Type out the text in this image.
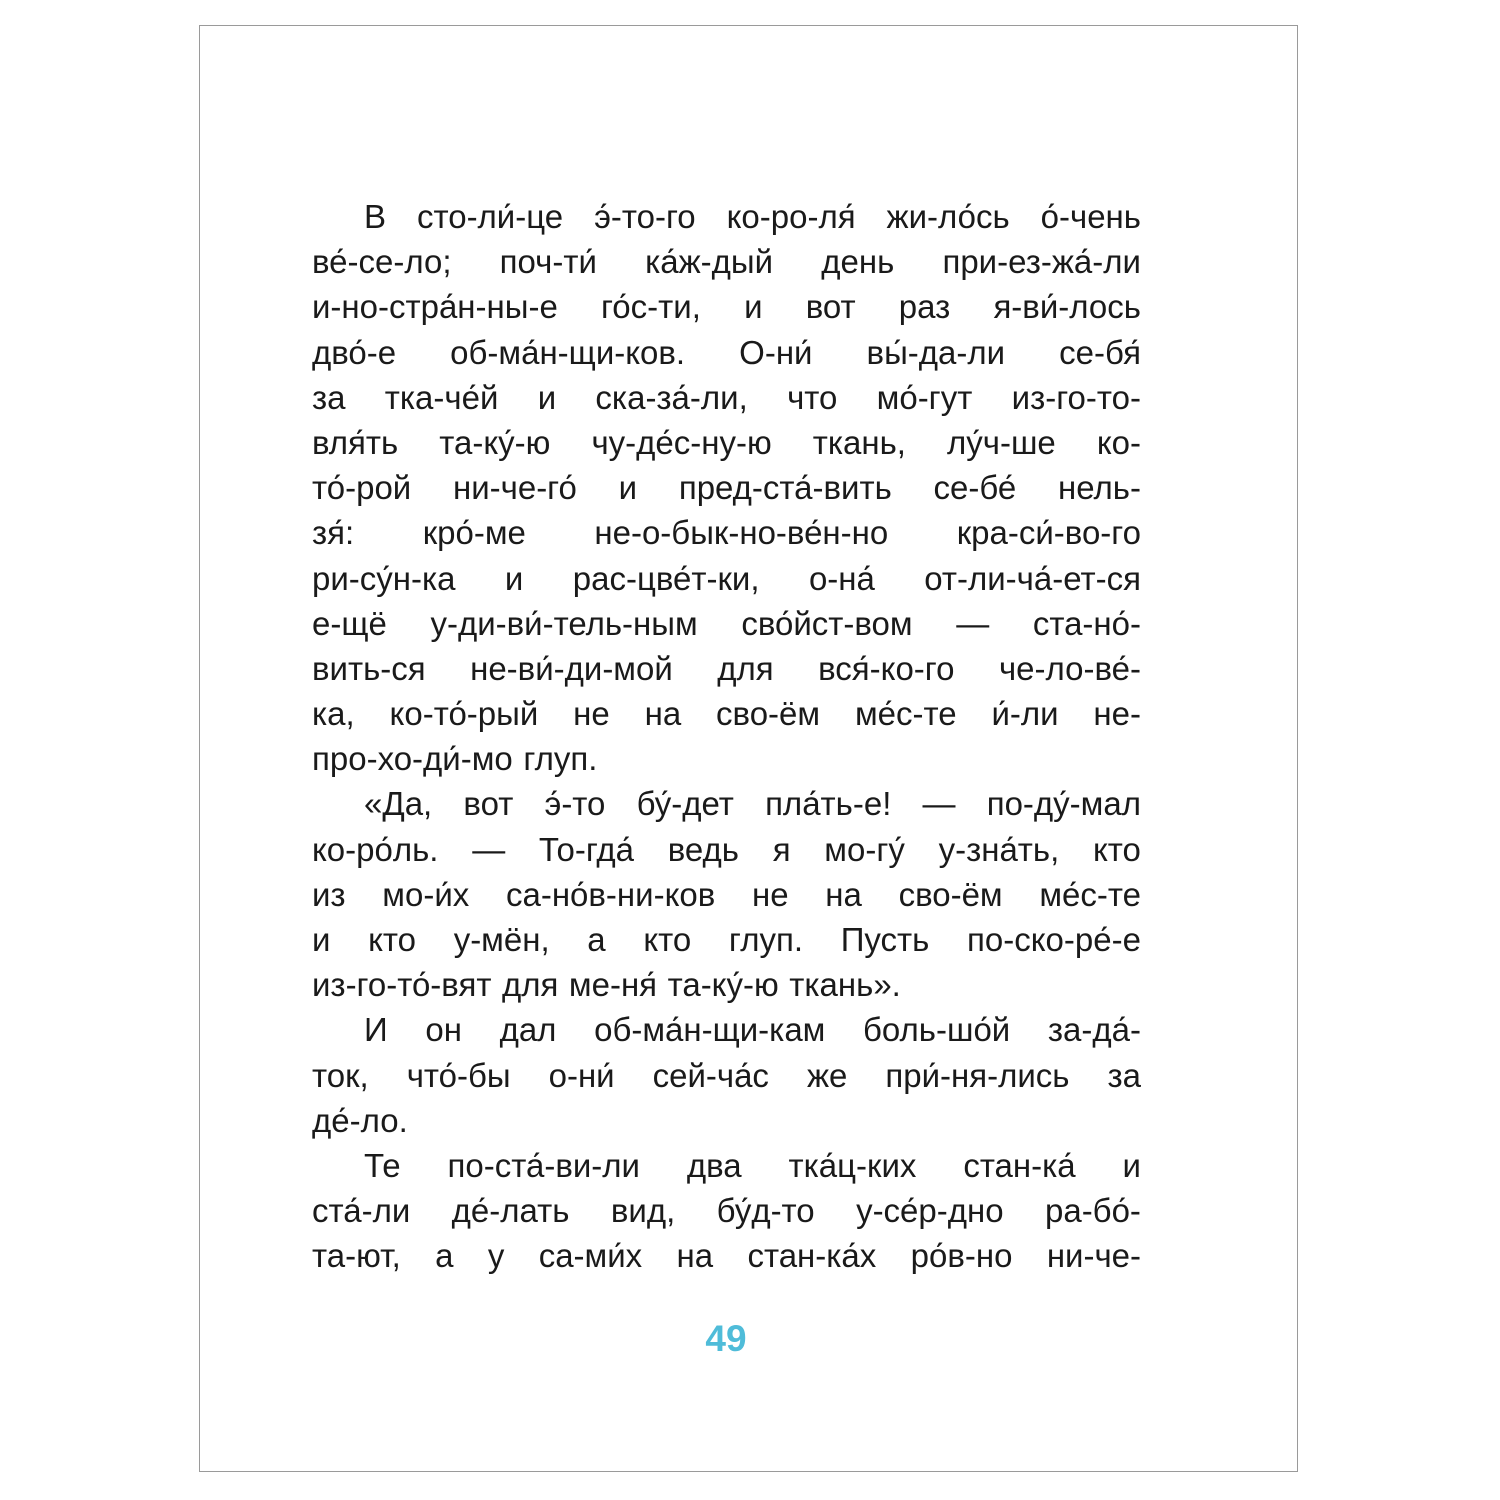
В сто-ли́-це э́-то-го ко-ро-ля́ жи-ло́сь о́-чень
ве́-се-ло; поч-ти́ ка́ж-дый день при-ез-жа́-ли
и-но-стра́н-ны-е го́с-ти, и вот раз я-ви́-лось
дво́-е об-ма́н-щи-ков. О-ни́ вы́-да-ли се-бя́
за тка-че́й и ска-за́-ли, что мо́-гут из-го-то-
вля́ть та-ку́-ю чу-де́с-ну-ю ткань, лу́ч-ше ко-
то́-рой ни-че-го́ и пред-ста́-вить се-бе́ нель-
зя́: кро́-ме не-о-бык-но-ве́н-но кра-си́-во-го
ри-су́н-ка и рас-цве́т-ки, о-на́ от-ли-ча́-ет-ся
е-щё у-ди-ви́-тель-ным сво́йст-вом — ста-но́-
вить-ся не-ви́-ди-мой для вся́-ко-го че-ло-ве́-
ка, ко-то́-рый не на сво-ём ме́с-те и́-ли не-
про-хо-ди́-мо глуп.
«Да, вот э́-то бу́-дет пла́ть-е! — по-ду́-мал
ко-ро́ль. — То-гда́ ведь я мо-гу́ у-зна́ть, кто
из мо-и́х са-но́в-ни-ков не на сво-ём ме́с-те
и кто у-мён, а кто глуп. Пусть по-ско-ре́-е
из-го-то́-вят для ме-ня́ та-ку́-ю ткань».
И он дал об-ма́н-щи-кам боль-шо́й за-да́-
ток, что́-бы о-ни́ сей-ча́с же при́-ня-лись за
де́-ло.
Те по-ста́-ви-ли два тка́ц-ких стан-ка́ и
ста́-ли де́-лать вид, бу́д-то у-се́р-дно ра-бо́-
та-ют, а у са-ми́х на стан-ка́х ро́в-но ни-че-
49
